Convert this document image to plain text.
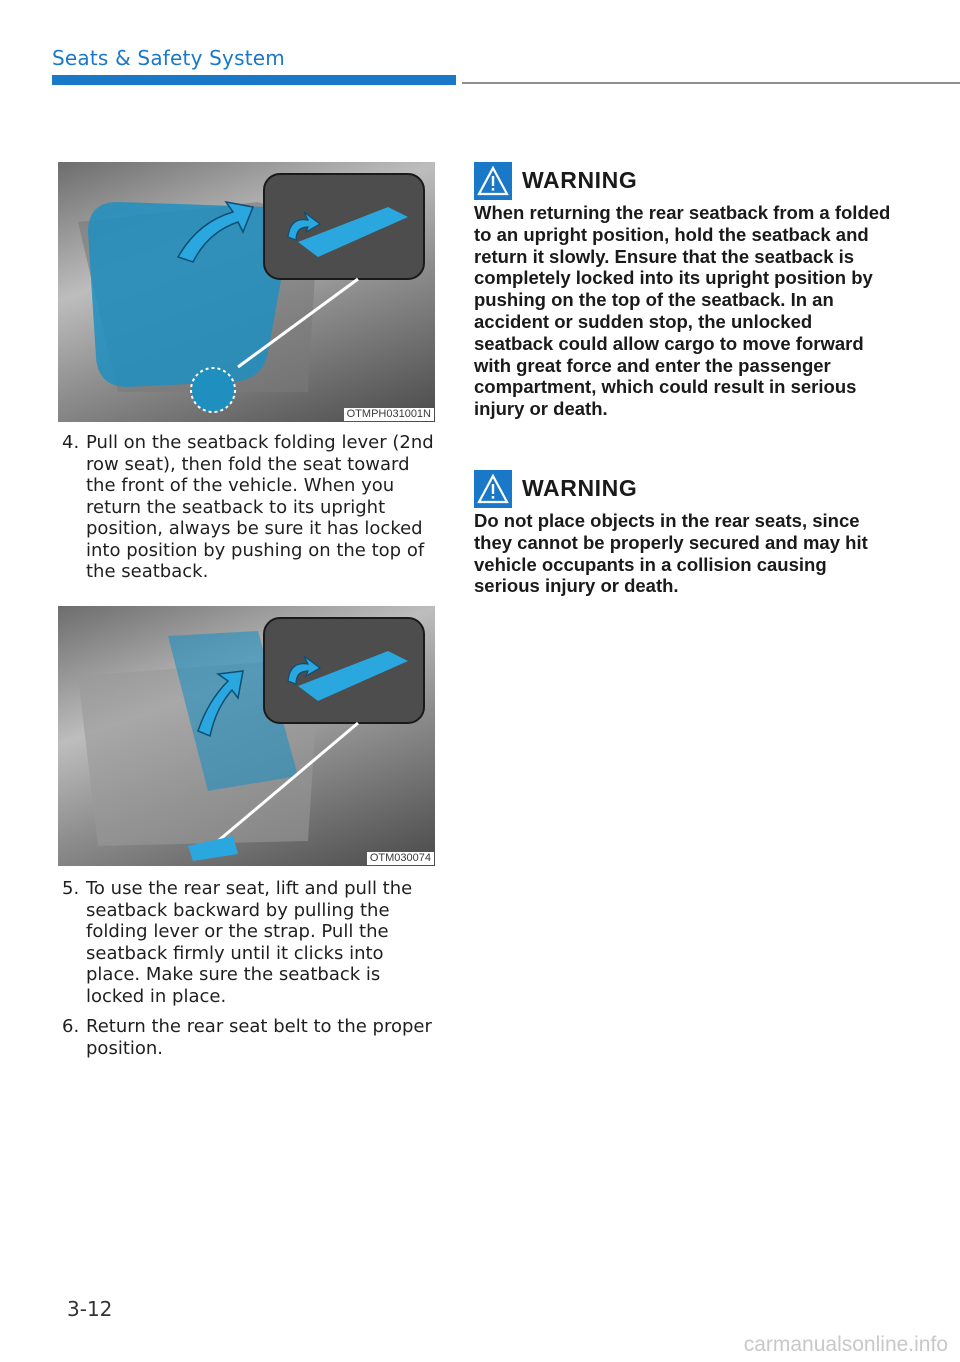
Seats & Safety System
OTMPH031001N
4. Pull on the seatback folding lever (2nd row seat), then fold the seat toward the front of the vehicle. When you return the seatback to its upright position, always be sure it has locked into position by pushing on the top of the seatback.
OTM030074
5. To use the rear seat, lift and pull the seatback backward by pulling the folding lever or the strap. Pull the seatback firmly until it clicks into place. Make sure the seatback is locked in place.
6. Return the rear seat belt to the proper position.
WARNING
When returning the rear seatback from a folded to an upright position, hold the seatback and return it slowly. Ensure that the seatback is completely locked into its upright position by pushing on the top of the seatback. In an accident or sudden stop, the unlocked seatback could allow cargo to move forward with great force and enter the passenger compartment, which could result in serious injury or death.
WARNING
Do not place objects in the rear seats, since they cannot be properly secured and may hit vehicle occupants in a collision causing serious injury or death.
3-12
carmanualsonline.info
